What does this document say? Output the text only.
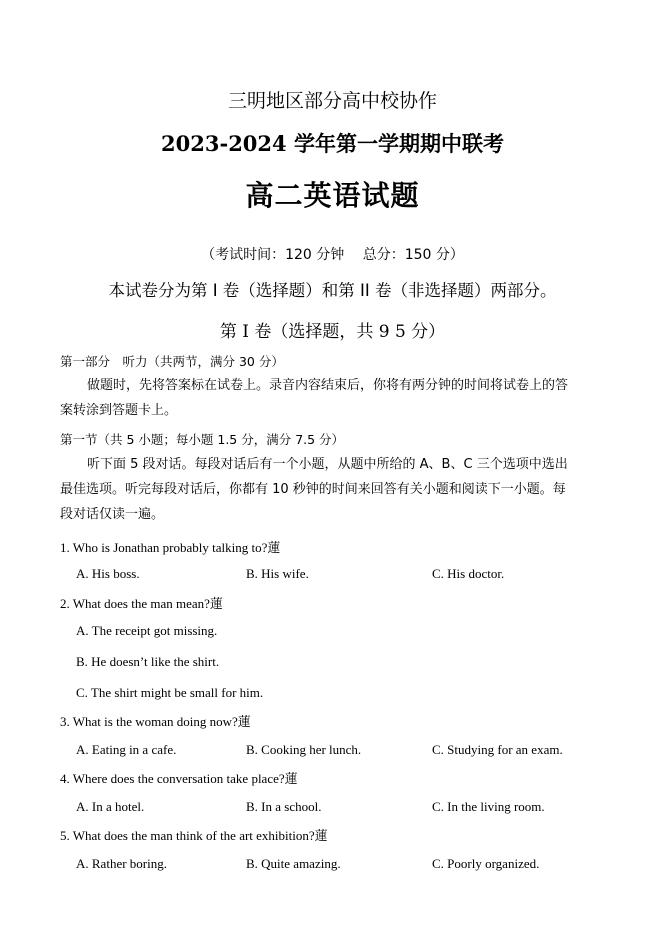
三明地区部分高中校协作
2023-2024 学年第一学期期中联考
高二英语试题
（考试时间：120 分钟　 总分：150 分）
本试卷分为第 I 卷（选择题）和第 II 卷（非选择题）两部分。
第 I 卷（选择题，共 9 5 分）
第一部分　听力（共两节，满分 30 分）
做题时，先将答案标在试卷上。录音内容结束后，你将有两分钟的时间将试卷上的答
案转涂到答题卡上。
第一节（共 5 小题；每小题 1.5 分，满分 7.5 分）
听下面 5 段对话。每段对话后有一个小题，从题中所给的 A、B、C 三个选项中选出
最佳选项。听完每段对话后，你都有 10 秒钟的时间来回答有关小题和阅读下一小题。每
段对话仅读一遍。
1. Who is Jonathan probably talking to?蓮
A. His boss.	B. His wife.	C. His doctor.
2. What does the man mean?蓮
A. The receipt got missing.
B. He doesn’t like the shirt.
C. The shirt might be small for him.
3. What is the woman doing now?蓮
A. Eating in a cafe.	B. Cooking her lunch.	C. Studying for an exam.
4. Where does the conversation take place?蓮
A. In a hotel.	B. In a school.	C. In the living room.
5. What does the man think of the art exhibition?蓮
A. Rather boring.	B. Quite amazing.	C. Poorly organized.
